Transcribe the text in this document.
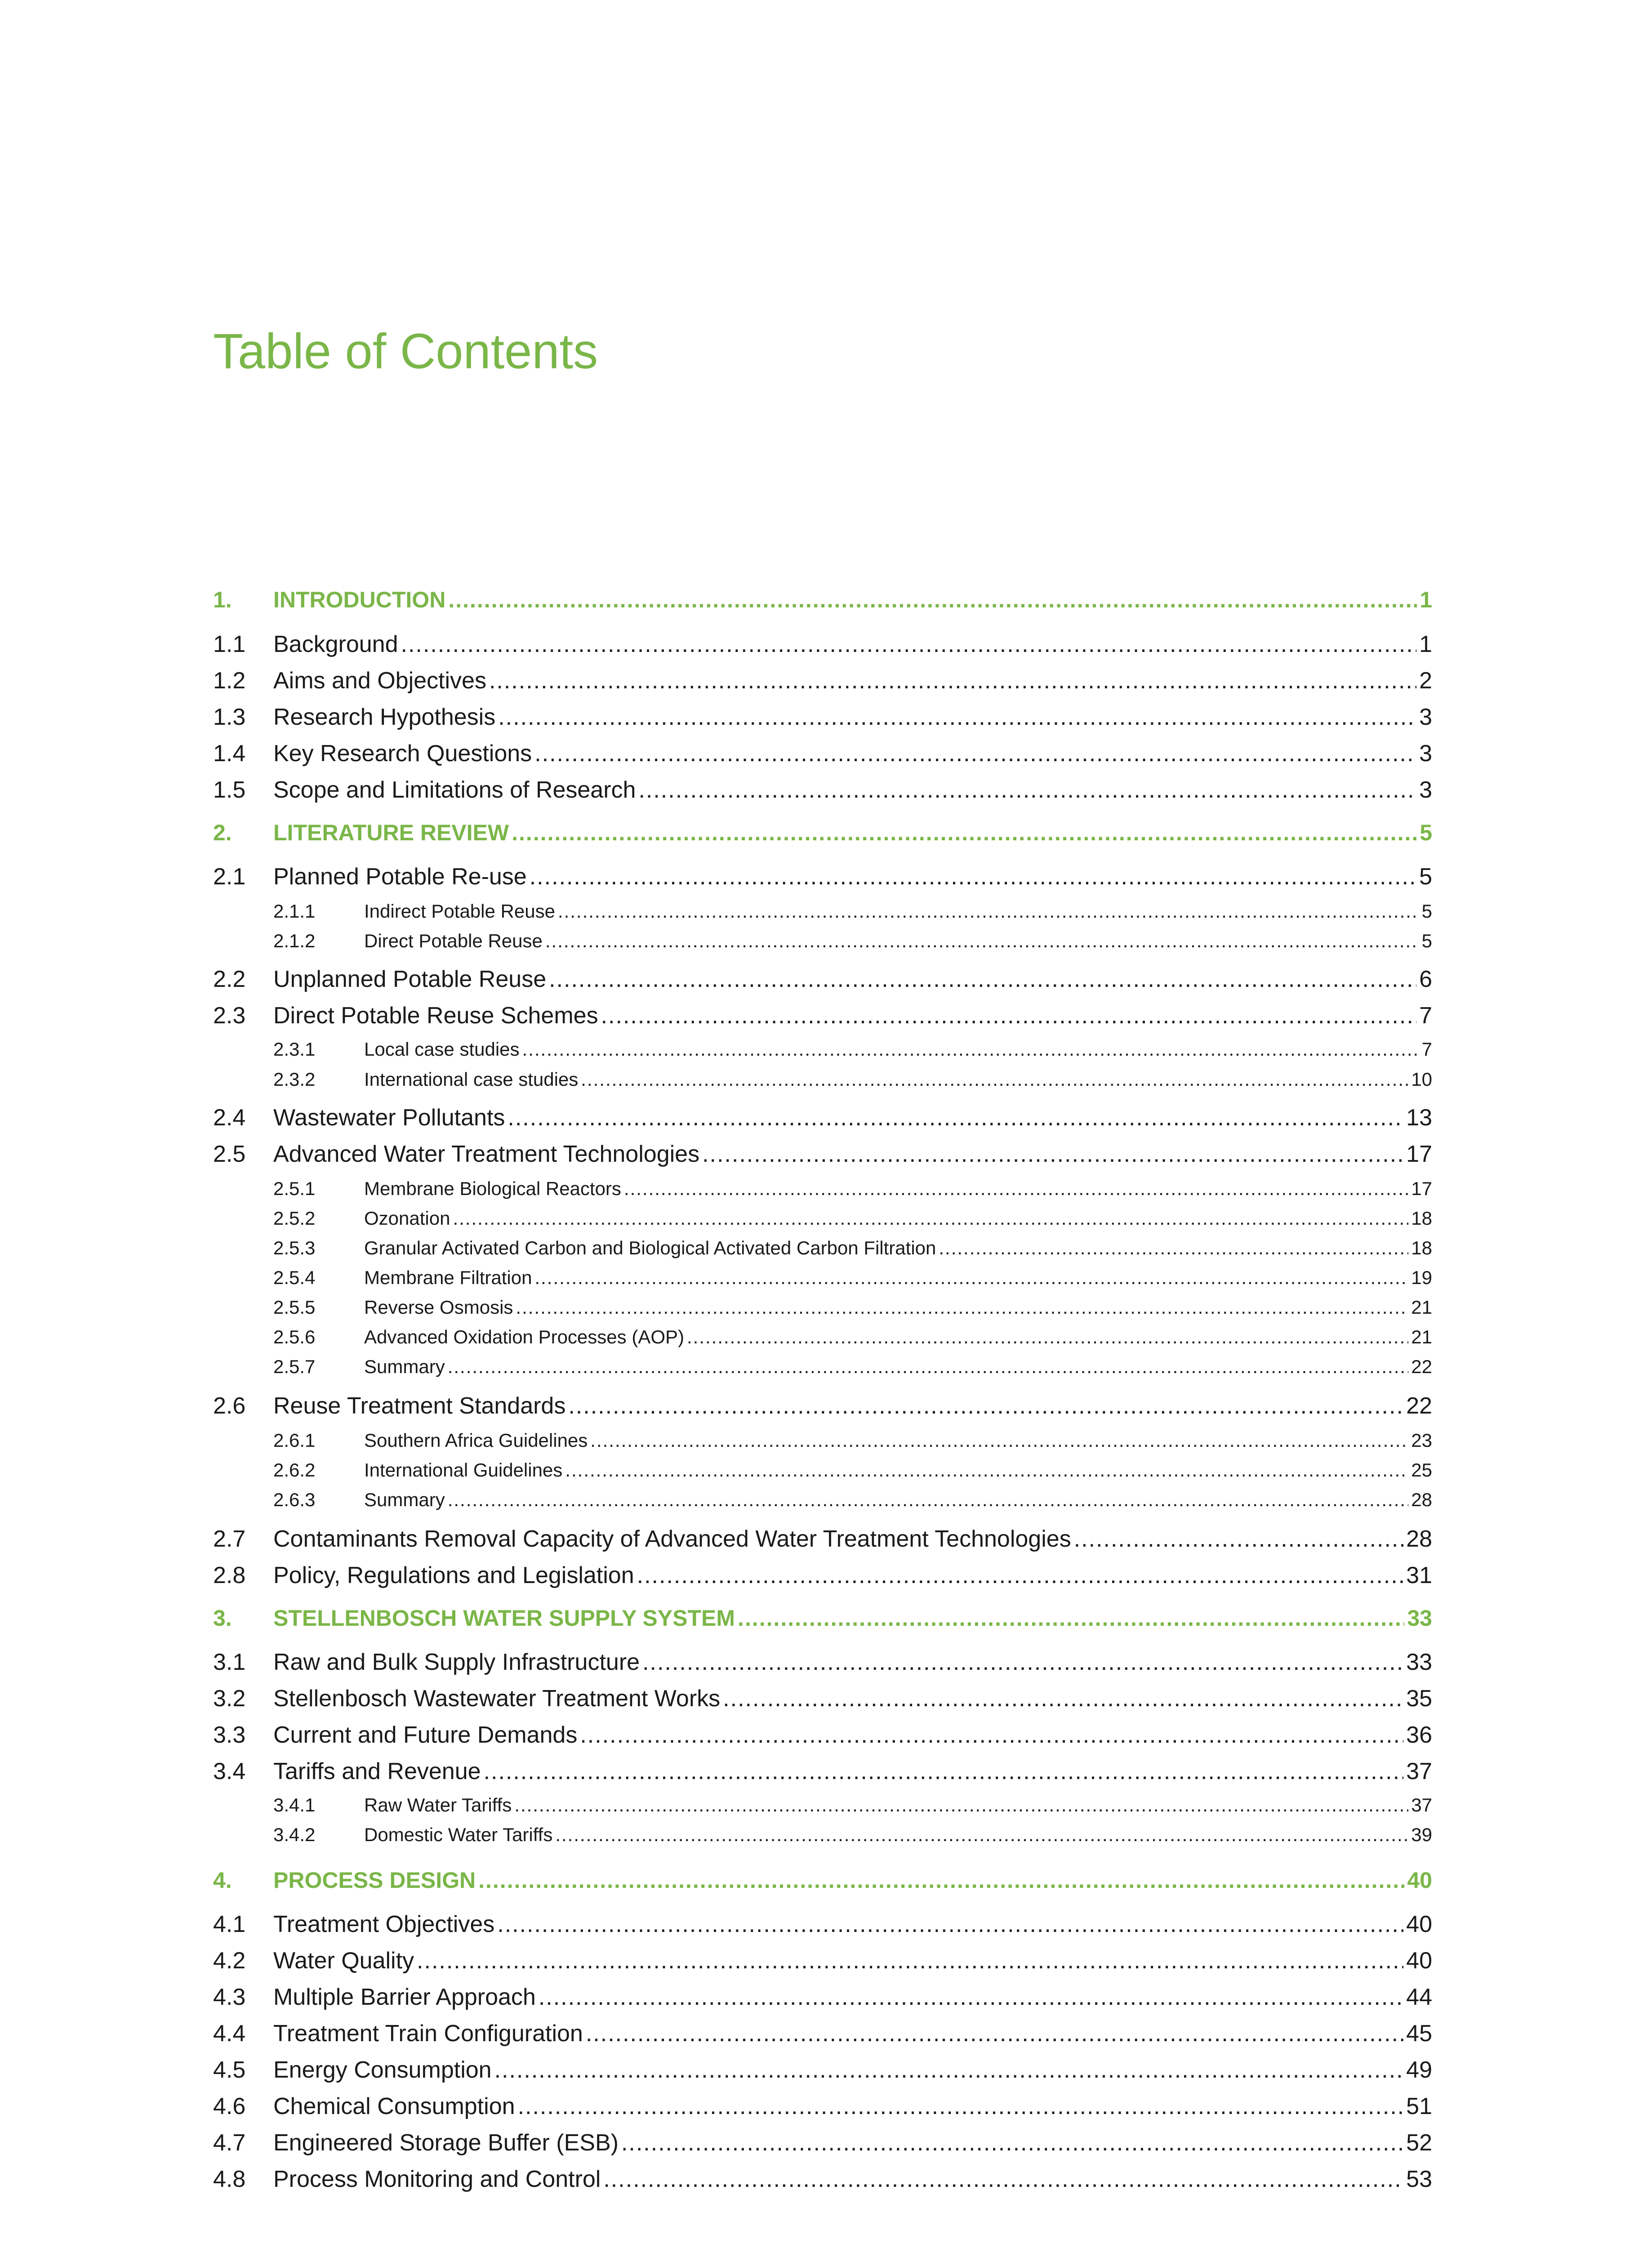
Table of Contents
1.	INTRODUCTION .....	1
1.1	Background .....	1
1.2	Aims and Objectives .....	2
1.3	Research Hypothesis .....	3
1.4	Key Research Questions .....	3
1.5	Scope and Limitations of Research .....	3
2.	LITERATURE REVIEW .....	5
2.1	Planned Potable Re-use .....	5
2.1.1	Indirect Potable Reuse .....	5
2.1.2	Direct Potable Reuse .....	5
2.2	Unplanned Potable Reuse .....	6
2.3	Direct Potable Reuse Schemes .....	7
2.3.1	Local case studies .....	7
2.3.2	International case studies .....	10
2.4	Wastewater Pollutants .....	13
2.5	Advanced Water Treatment Technologies .....	17
2.5.1	Membrane Biological Reactors .....	17
2.5.2	Ozonation .....	18
2.5.3	Granular Activated Carbon and Biological Activated Carbon Filtration .....	18
2.5.4	Membrane Filtration .....	19
2.5.5	Reverse Osmosis .....	21
2.5.6	Advanced Oxidation Processes (AOP) .....	21
2.5.7	Summary .....	22
2.6	Reuse Treatment Standards .....	22
2.6.1	Southern Africa Guidelines .....	23
2.6.2	International Guidelines .....	25
2.6.3	Summary .....	28
2.7	Contaminants Removal Capacity of Advanced Water Treatment Technologies .....	28
2.8	Policy, Regulations and Legislation .....	31
3.	STELLENBOSCH WATER SUPPLY SYSTEM .....	33
3.1	Raw and Bulk Supply Infrastructure .....	33
3.2	Stellenbosch Wastewater Treatment Works .....	35
3.3	Current and Future Demands .....	36
3.4	Tariffs and Revenue .....	37
3.4.1	Raw Water Tariffs .....	37
3.4.2	Domestic Water Tariffs .....	39
4.	PROCESS DESIGN .....	40
4.1	Treatment Objectives .....	40
4.2	Water Quality .....	40
4.3	Multiple Barrier Approach .....	44
4.4	Treatment Train Configuration .....	45
4.5	Energy Consumption .....	49
4.6	Chemical Consumption .....	51
4.7	Engineered Storage Buffer (ESB) .....	52
4.8	Process Monitoring and Control .....	53
